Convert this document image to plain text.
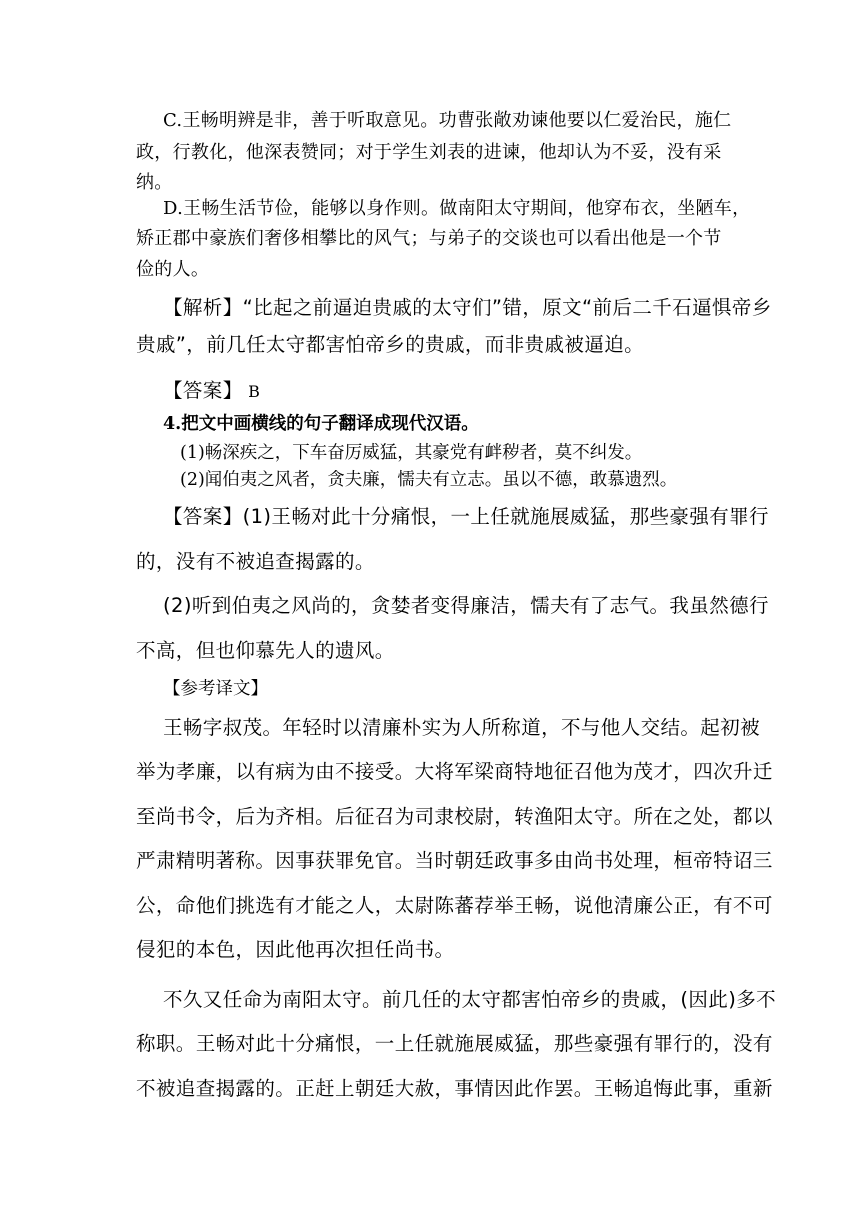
C.王畅明辨是非，善于听取意见。功曹张敞劝谏他要以仁爱治民，施仁

政，行教化，他深表赞同；对于学生刘表的进谏，他却认为不妥，没有采

纳。

D.王畅生活节俭，能够以身作则。做南阳太守期间，他穿布衣，坐陋车，

矫正郡中豪族们奢侈相攀比的风气；与弟子的交谈也可以看出他是一个节

俭的人。

【解析】“比起之前逼迫贵戚的太守们”错，原文“前后二千石逼惧帝乡

贵戚”，前几任太守都害怕帝乡的贵戚，而非贵戚被逼迫。

【答案】 B

4.把文中画横线的句子翻译成现代汉语。

(1)畅深疾之，下车奋厉威猛，其豪党有衅秽者，莫不纠发。

(2)闻伯夷之风者，贪夫廉，懦夫有立志。虽以不德，敢慕遗烈。

【答案】(1)王畅对此十分痛恨，一上任就施展威猛，那些豪强有罪行

的，没有不被追查揭露的。

(2)听到伯夷之风尚的，贪婪者变得廉洁，懦夫有了志气。我虽然德行

不高，但也仰慕先人的遗风。

【参考译文】

王畅字叔茂。年轻时以清廉朴实为人所称道，不与他人交结。起初被

举为孝廉，以有病为由不接受。大将军梁商特地征召他为茂才，四次升迁

至尚书令，后为齐相。后征召为司隶校尉，转渔阳太守。所在之处，都以

严肃精明著称。因事获罪免官。当时朝廷政事多由尚书处理，桓帝特诏三

公，命他们挑选有才能之人，太尉陈蕃荐举王畅，说他清廉公正，有不可

侵犯的本色，因此他再次担任尚书。

不久又任命为南阳太守。前几任的太守都害怕帝乡的贵戚，(因此)多不

称职。王畅对此十分痛恨，一上任就施展威猛，那些豪强有罪行的，没有

不被追查揭露的。正赶上朝廷大赦，事情因此作罢。王畅追悔此事，重新
